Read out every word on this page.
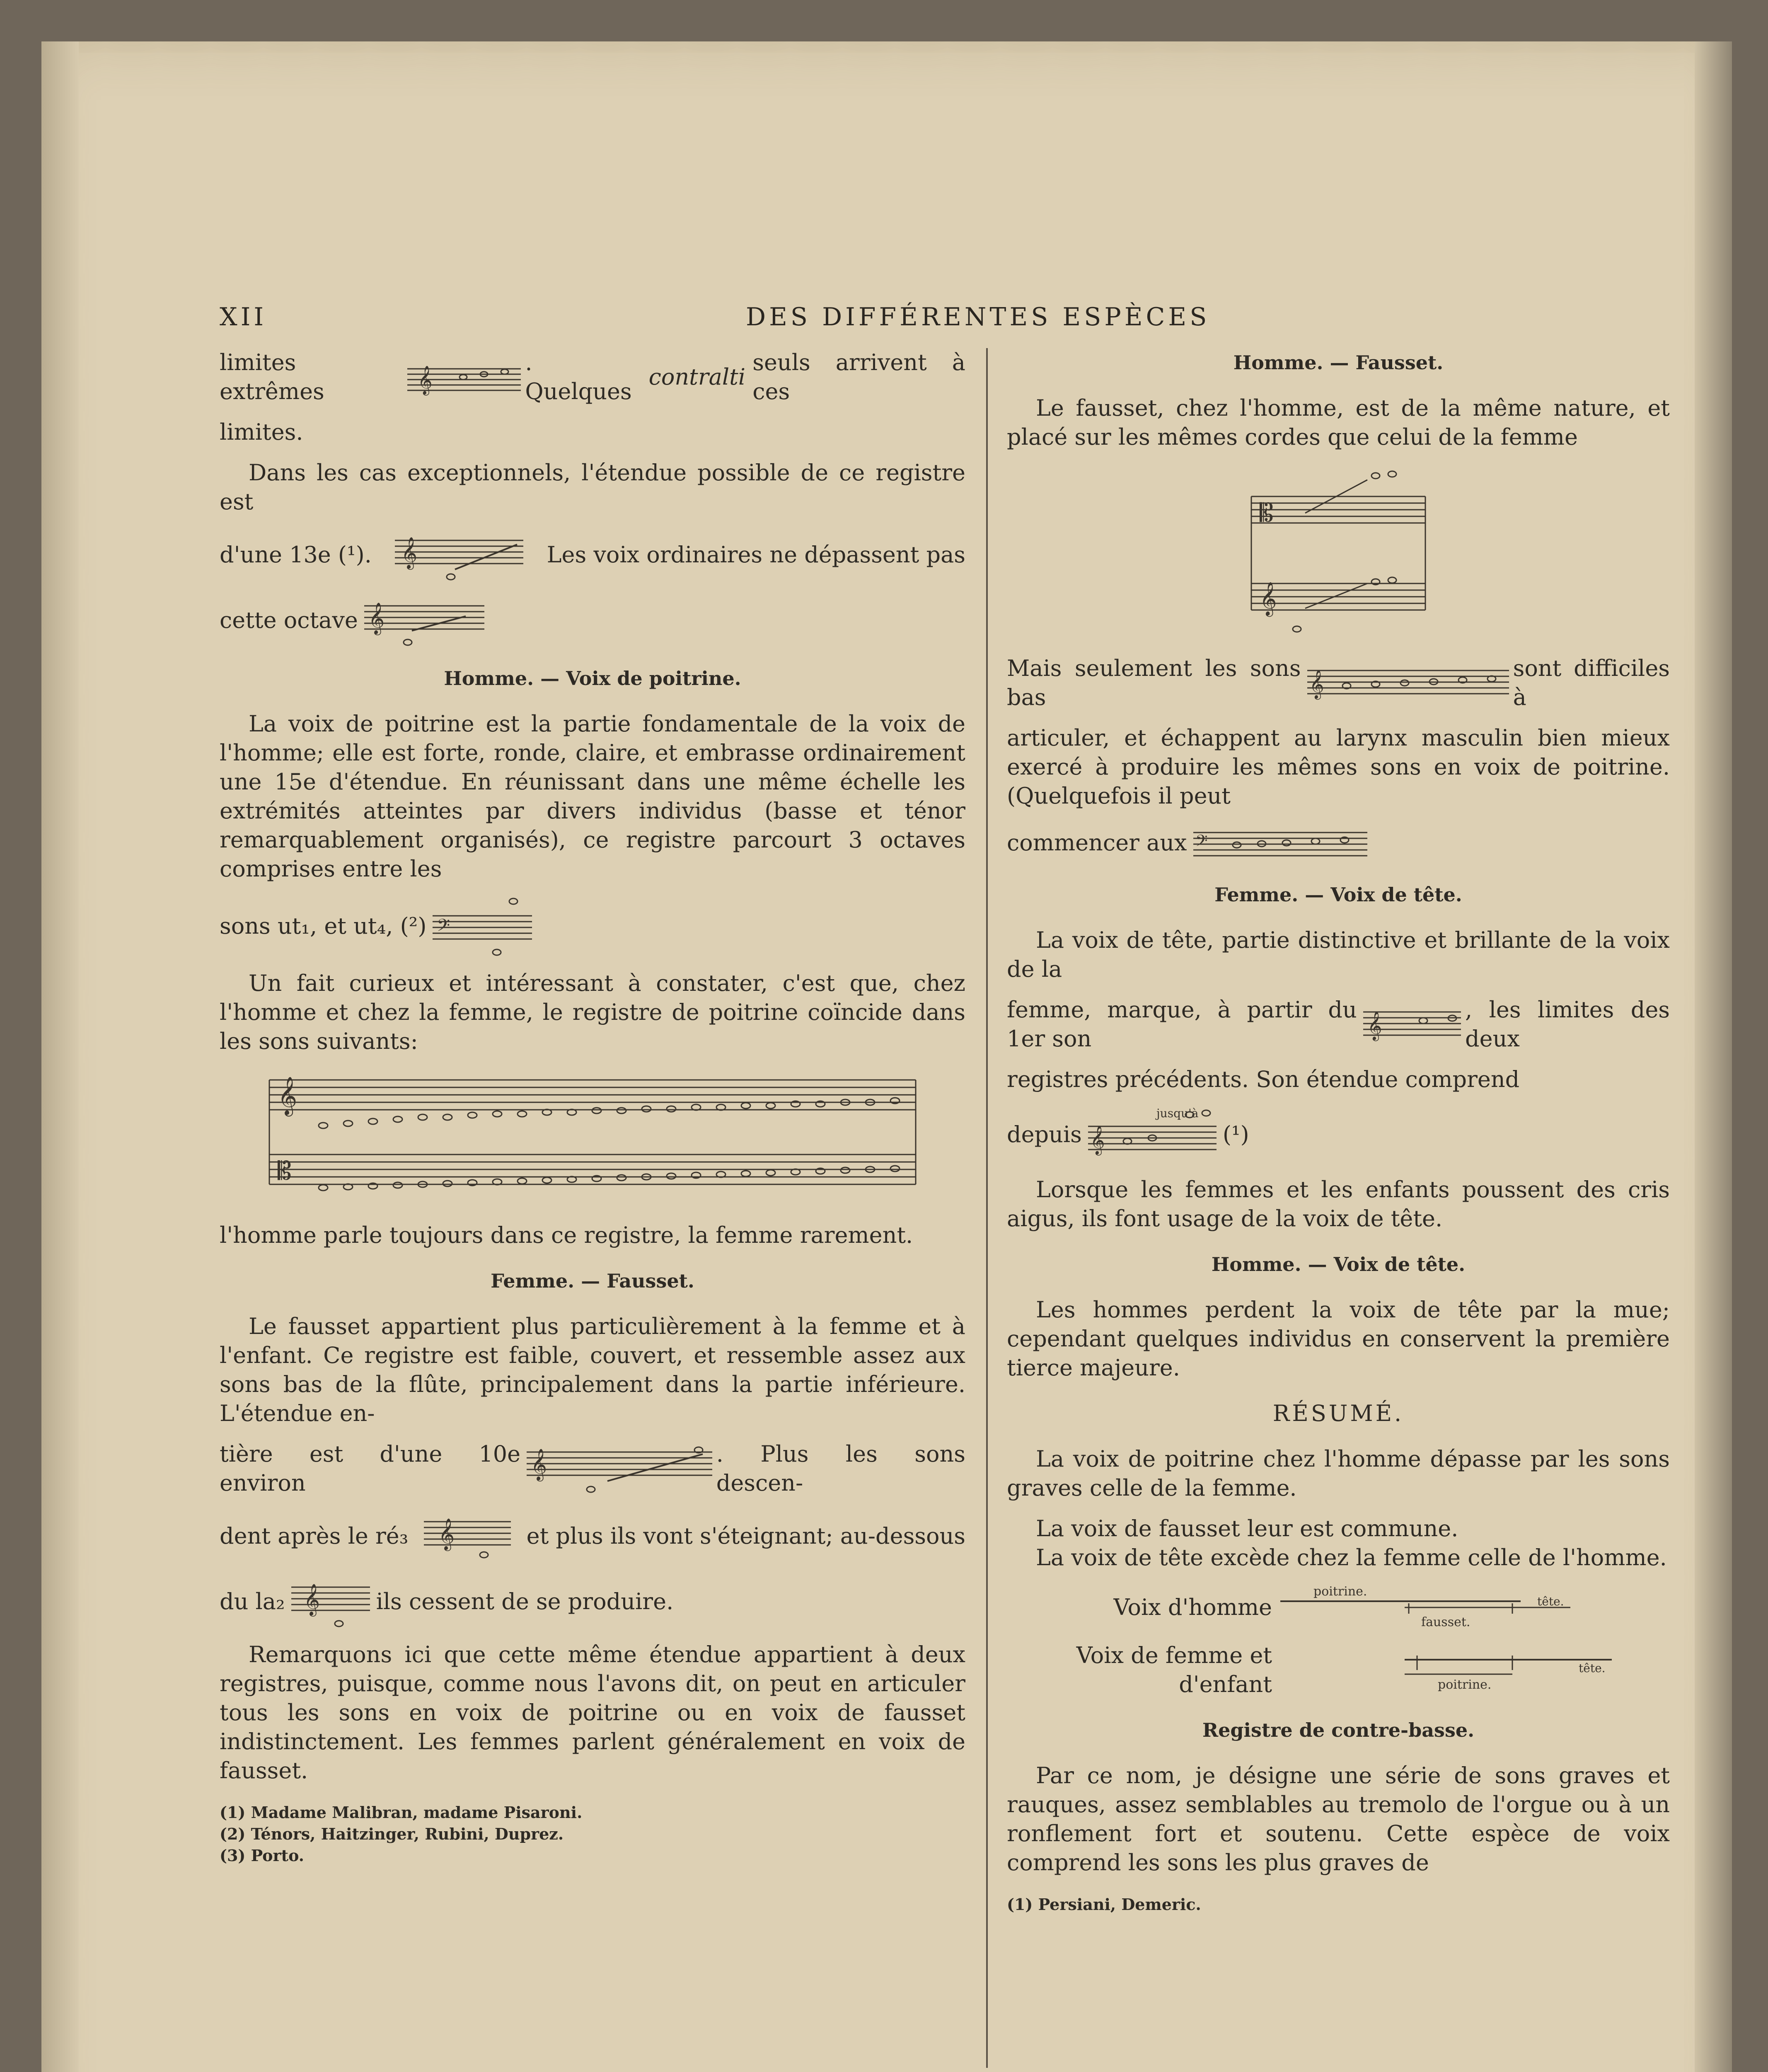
XII	DES DIFFÉRENTES ESPÈCES

limites extrêmes	𝄞
. Quelques

contralti

seuls arrivent à ces

limites.

Dans les cas exceptionnels, l'étendue possible de ce registre est

d'une 13e (¹). 𝄞	Les voix ordinaires ne dépassent pas

cette octave 𝄞

Homme. — Voix de poitrine.

La voix de poitrine est la partie fondamentale de la voix de l'homme; elle est forte, ronde, claire, et embrasse ordinairement une 15e d'étendue. En réunissant dans une même échelle les extrémités atteintes par divers individus (basse et ténor remarquablement organisés), ce registre parcourt 3 octaves comprises entre les

sons ut₁, et ut₄, (²) 𝄢

Un fait curieux et intéressant à constater, c'est que, chez l'homme et chez la femme, le registre de poitrine coïncide dans les sons suivants:

𝄞
𝄡

l'homme parle toujours dans ce registre, la femme rarement.

Femme. — Fausset.

Le fausset appartient plus particulièrement à la femme et à l'enfant. Ce registre est faible, couvert, et ressemble assez aux sons bas de la flûte, principalement dans la partie inférieure. L'étendue en-

tière est d'une 10e environ
𝄞	. Plus les sons descen-

dent après le ré₃ 𝄞	et plus ils vont s'éteignant; au-dessous

du la₂ 𝄞	ils cessent de se produire.

Remarquons ici que cette même étendue appartient à deux registres, puisque, comme nous l'avons dit, on peut en articuler tous les sons en voix de poitrine ou en voix de fausset indistinctement. Les femmes parlent généralement en voix de fausset.

(1) Madame Malibran, madame Pisaroni.
(2) Ténors, Haitzinger, Rubini, Duprez.
(3) Porto.
Homme. — Fausset.

Le fausset, chez l'homme, est de la même nature, et placé sur les mêmes cordes que celui de la femme

𝄡
𝄞

Mais seulement les sons bas	𝄞
sont difficiles à

articuler, et échappent au larynx masculin bien mieux exercé à produire les mêmes sons en voix de poitrine. (Quelquefois il peut

commencer aux 𝄢

Femme. — Voix de tête.

La voix de tête, partie distinctive et brillante de la voix de la

femme, marque, à partir du 1er son	𝄞
, les limites des deux

registres précédents. Son étendue comprend

depuis 𝄞
jusqu'à
(¹)

Lorsque les femmes et les enfants poussent des cris aigus, ils font usage de la voix de tête.

Homme. — Voix de tête.

Les hommes perdent la voix de tête par la mue; cependant quelques individus en conservent la première tierce majeure.

RÉSUMÉ.

La voix de poitrine chez l'homme dépasse par les sons graves celle de la femme.

La voix de fausset leur est commune.

La voix de tête excède chez la femme celle de l'homme.

Voix d'homme
poitrine.
tête.
fausset.
Voix de femme et d'enfant
tête.
poitrine.
Registre de contre-basse.

Par ce nom, je désigne une série de sons graves et rauques, assez semblables au tremolo de l'orgue ou à un ronflement fort et soutenu. Cette espèce de voix comprend les sons les plus graves de

(1) Persiani, Demeric.
